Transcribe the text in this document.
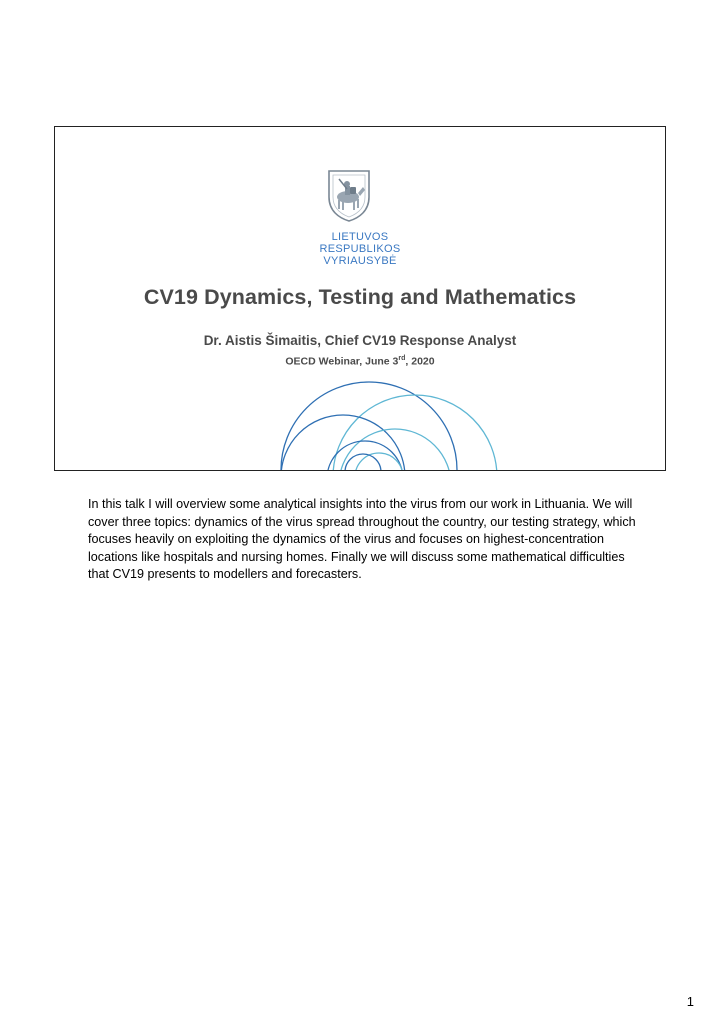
LIETUVOS
RESPUBLIKOS
VYRIAUSYBĖ
CV19 Dynamics, Testing and Mathematics
Dr. Aistis Šimaitis, Chief CV19 Response Analyst
OECD Webinar, June 3rd, 2020

In this talk I will overview some analytical insights into the virus from our work in Lithuania. We will cover three topics: dynamics of the virus spread throughout the country, our testing strategy, which focuses heavily on exploiting the dynamics of the virus and focuses on highest-concentration locations like hospitals and nursing homes. Finally we will discuss some mathematical difficulties that CV19 presents to modellers and forecasters.

1
